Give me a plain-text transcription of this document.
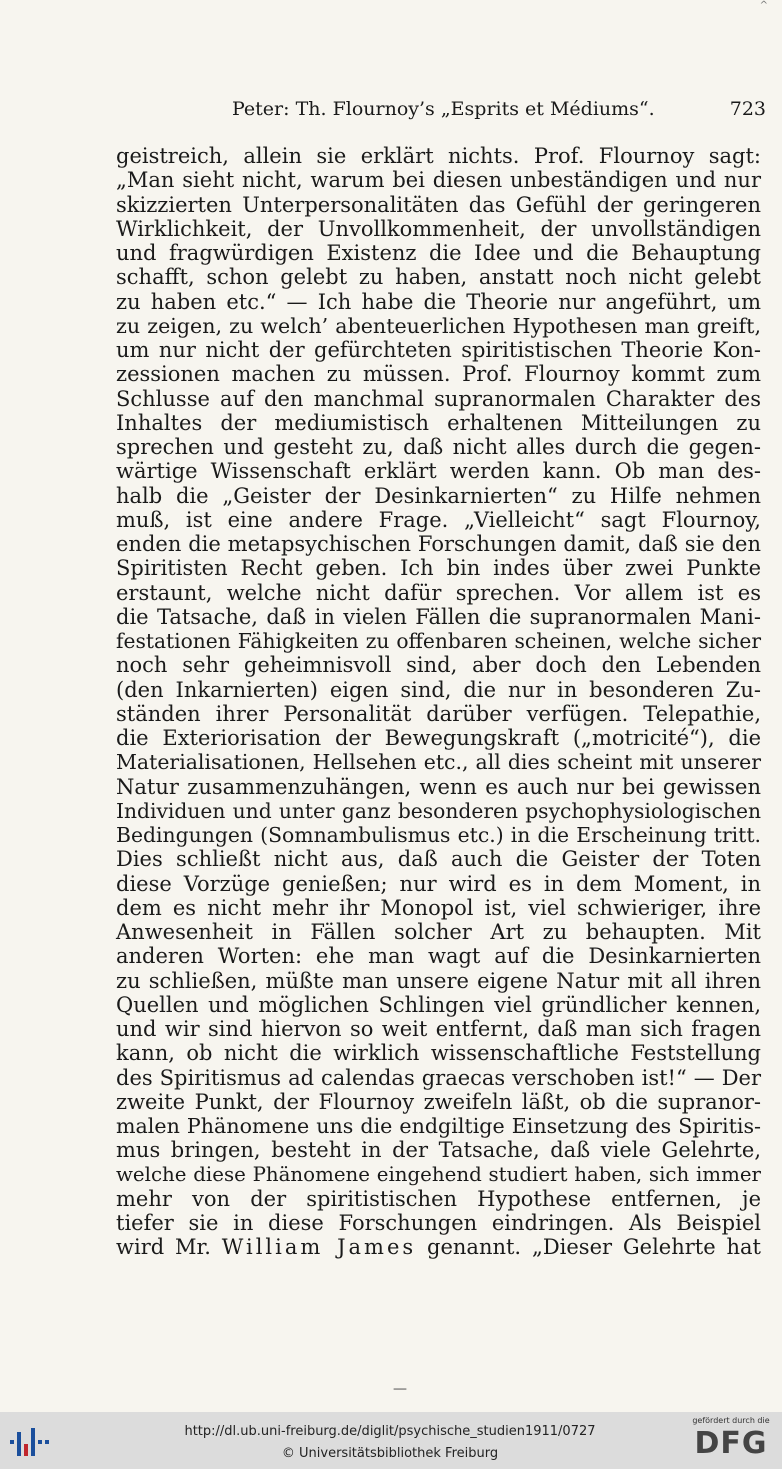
^
Peter: Th. Flournoy’s „Esprits et Médiums“.	723
geistreich, allein sie erklärt nichts. Prof. Flournoy sagt:
„Man sieht nicht, warum bei diesen unbeständigen und nur
skizzierten Unterpersonalitäten das Gefühl der geringeren
Wirklichkeit, der Unvollkommenheit, der unvollständigen
und fragwürdigen Existenz die Idee und die Behauptung
schafft, schon gelebt zu haben, anstatt noch nicht gelebt
zu haben etc.“ — Ich habe die Theorie nur angeführt, um
zu zeigen, zu welch’ abenteuerlichen Hypothesen man greift,
um nur nicht der gefürchteten spiritistischen Theorie Kon-
zessionen machen zu müssen. Prof. Flournoy kommt zum
Schlusse auf den manchmal supranormalen Charakter des
Inhaltes der mediumistisch erhaltenen Mitteilungen zu
sprechen und gesteht zu, daß nicht alles durch die gegen-
wärtige Wissenschaft erklärt werden kann. Ob man des-
halb die „Geister der Desinkarnierten“ zu Hilfe nehmen
muß, ist eine andere Frage. „Vielleicht“ sagt Flournoy,
enden die metapsychischen Forschungen damit, daß sie den
Spiritisten Recht geben. Ich bin indes über zwei Punkte
erstaunt, welche nicht dafür sprechen. Vor allem ist es
die Tatsache, daß in vielen Fällen die supranormalen Mani-
festationen Fähigkeiten zu offenbaren scheinen, welche sicher
noch sehr geheimnisvoll sind, aber doch den Lebenden
(den Inkarnierten) eigen sind, die nur in besonderen Zu-
ständen ihrer Personalität darüber verfügen. Telepathie,
die Exteriorisation der Bewegungskraft („motricité“), die
Materialisationen, Hellsehen etc., all dies scheint mit unserer
Natur zusammenzuhängen, wenn es auch nur bei gewissen
Individuen und unter ganz besonderen psychophysiologischen
Bedingungen (Somnambulismus etc.) in die Erscheinung tritt.
Dies schließt nicht aus, daß auch die Geister der Toten
diese Vorzüge genießen; nur wird es in dem Moment, in
dem es nicht mehr ihr Monopol ist, viel schwieriger, ihre
Anwesenheit in Fällen solcher Art zu behaupten. Mit
anderen Worten: ehe man wagt auf die Desinkarnierten
zu schließen, müßte man unsere eigene Natur mit all ihren
Quellen und möglichen Schlingen viel gründlicher kennen,
und wir sind hiervon so weit entfernt, daß man sich fragen
kann, ob nicht die wirklich wissenschaftliche Feststellung
des Spiritismus ad calendas graecas verschoben ist!“ — Der
zweite Punkt, der Flournoy zweifeln läßt, ob die supranor-
malen Phänomene uns die endgiltige Einsetzung des Spiritis-
mus bringen, besteht in der Tatsache, daß viele Gelehrte,
welche diese Phänomene eingehend studiert haben, sich immer
mehr von der spiritistischen Hypothese entfernen, je
tiefer sie in diese Forschungen eindringen. Als Beispiel
wird Mr. William James genannt. „Dieser Gelehrte hat
—
http://dl.ub.uni-freiburg.de/diglit/psychische_studien1911/0727
© Universitätsbibliothek Freiburg
gefördert durch die
DFG
